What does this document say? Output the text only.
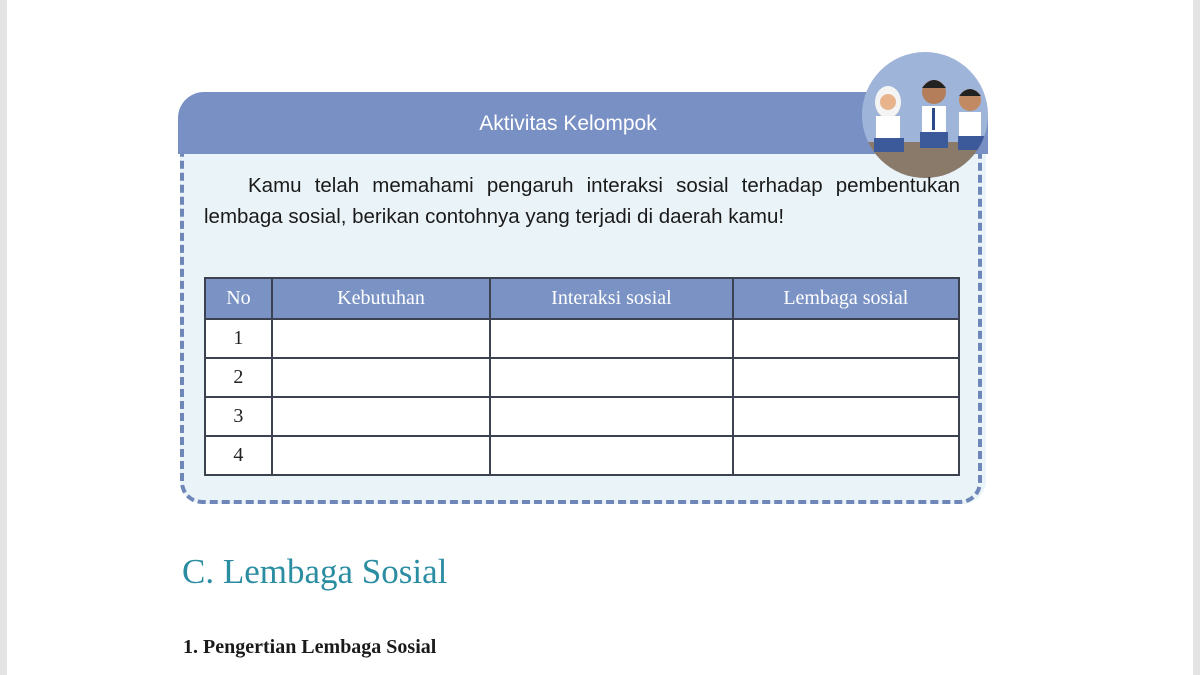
Aktivitas Kelompok
Kamu telah memahami pengaruh interaksi sosial terhadap pembentukan lembaga sosial, berikan contohnya yang terjadi di daerah kamu!
No	Kebutuhan	Interaksi sosial	Lembaga sosial
1			
2			
3			
4			
C. Lembaga Sosial
1. Pengertian Lembaga Sosial
